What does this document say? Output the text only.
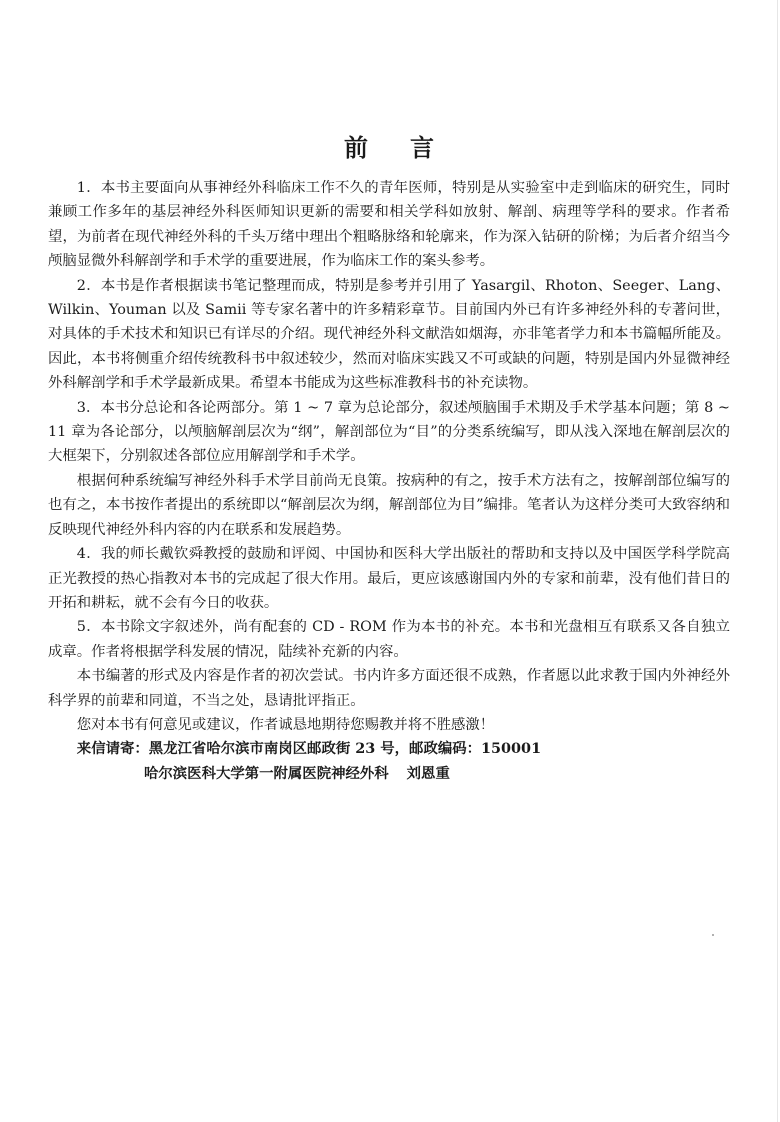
前 言

1．本书主要面向从事神经外科临床工作不久的青年医师，特别是从实验室中走到临床的研究生，同时兼顾工作多年的基层神经外科医师知识更新的需要和相关学科如放射、解剖、病理等学科的要求。作者希望，为前者在现代神经外科的千头万绪中理出个粗略脉络和轮廓来，作为深入钻研的阶梯；为后者介绍当今颅脑显微外科解剖学和手术学的重要进展，作为临床工作的案头参考。

2．本书是作者根据读书笔记整理而成，特别是参考并引用了 Yasargil、Rhoton、Seeger、Lang、Wilkin、Youman 以及 Samii 等专家名著中的许多精彩章节。目前国内外已有许多神经外科的专著问世，对具体的手术技术和知识已有详尽的介绍。现代神经外科文献浩如烟海，亦非笔者学力和本书篇幅所能及。因此，本书将侧重介绍传统教科书中叙述较少，然而对临床实践又不可或缺的问题，特别是国内外显微神经外科解剖学和手术学最新成果。希望本书能成为这些标准教科书的补充读物。

3．本书分总论和各论两部分。第 1 ~ 7 章为总论部分，叙述颅脑围手术期及手术学基本问题；第 8 ~ 11 章为各论部分，以颅脑解剖层次为“纲”，解剖部位为“目”的分类系统编写，即从浅入深地在解剖层次的大框架下，分别叙述各部位应用解剖学和手术学。

根据何种系统编写神经外科手术学目前尚无良策。按病种的有之，按手术方法有之，按解剖部位编写的也有之，本书按作者提出的系统即以“解剖层次为纲，解剖部位为目”编排。笔者认为这样分类可大致容纳和反映现代神经外科内容的内在联系和发展趋势。

4．我的师长戴钦舜教授的鼓励和评阅、中国协和医科大学出版社的帮助和支持以及中国医学科学院高正光教授的热心指教对本书的完成起了很大作用。最后，更应该感谢国内外的专家和前辈，没有他们昔日的开拓和耕耘，就不会有今日的收获。

5．本书除文字叙述外，尚有配套的 CD - ROM 作为本书的补充。本书和光盘相互有联系又各自独立成章。作者将根据学科发展的情况，陆续补充新的内容。

本书编著的形式及内容是作者的初次尝试。书内许多方面还很不成熟，作者愿以此求教于国内外神经外科学界的前辈和同道，不当之处，恳请批评指正。

您对本书有何意见或建议，作者诚恳地期待您赐教并将不胜感激！

来信请寄：黑龙江省哈尔滨市南岗区邮政街 23 号，邮政编码：150001
哈尔滨医科大学第一附属医院神经外科 刘恩重
